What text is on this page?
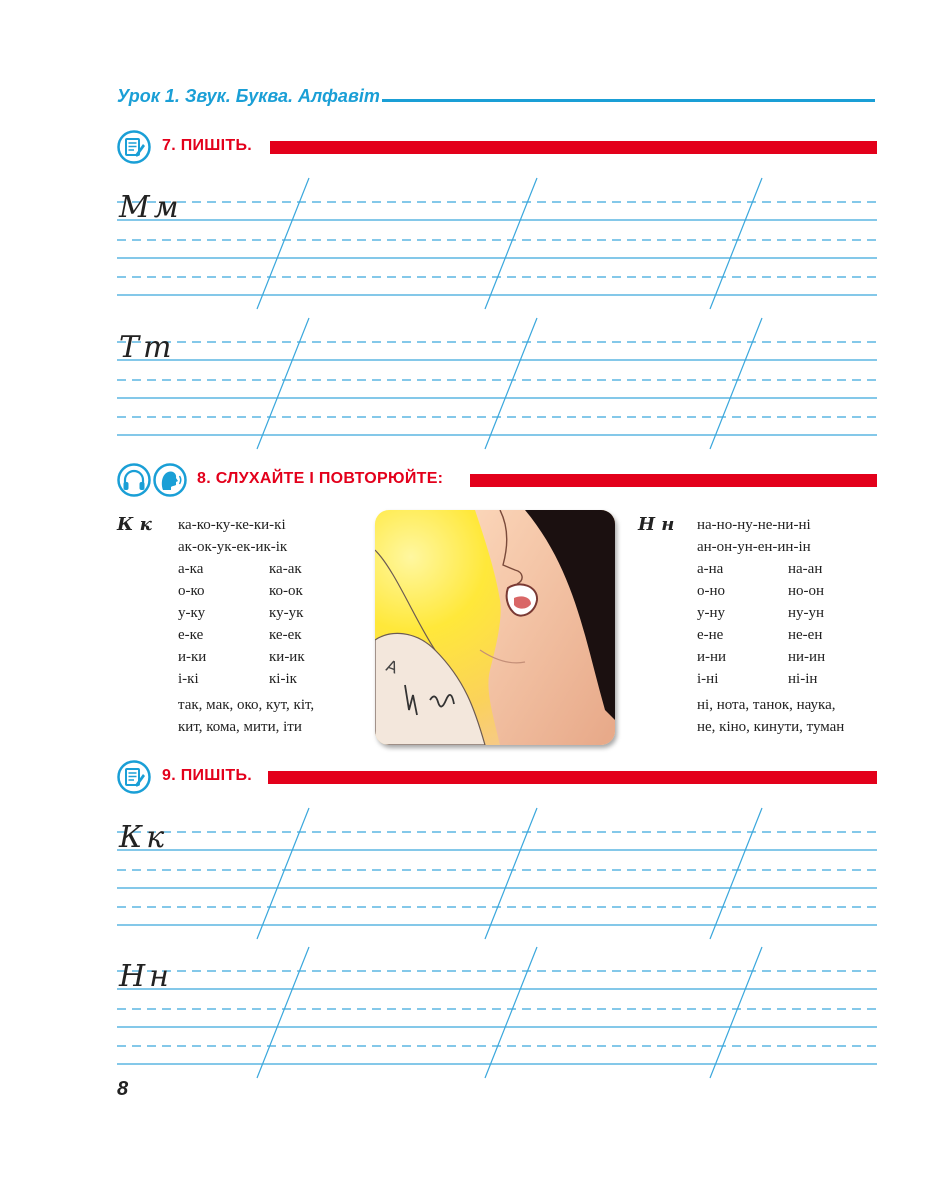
Урок 1. Звук. Буква. Алфавіт
7. ПИШІТЬ.
Мм
Тт
8. СЛУХАЙТЕ І ПОВТОРЮЙТЕ:
К к ка-ко-ку-ке-ки-кі
ак-ок-ук-ек-ик-ік
а-ка	ка-ак
о-ко	ко-ок
у-ку	ку-ук
е-ке	ке-ек
и-ки	ки-ик
і-кі	кі-ік
так, мак, око, кут, кіт,
кит, кома, мити, іти
А
Н н на-но-ну-не-ни-ні
ан-он-ун-ен-ин-ін
а-на	на-ан
о-но	но-он
у-ну	ну-ун
е-не	не-ен
и-ни	ни-ин
і-ні	ні-ін
ні, нота, танок, наука,
не, кіно, кинути, туман
9. ПИШІТЬ.
Кк
Нн
8
